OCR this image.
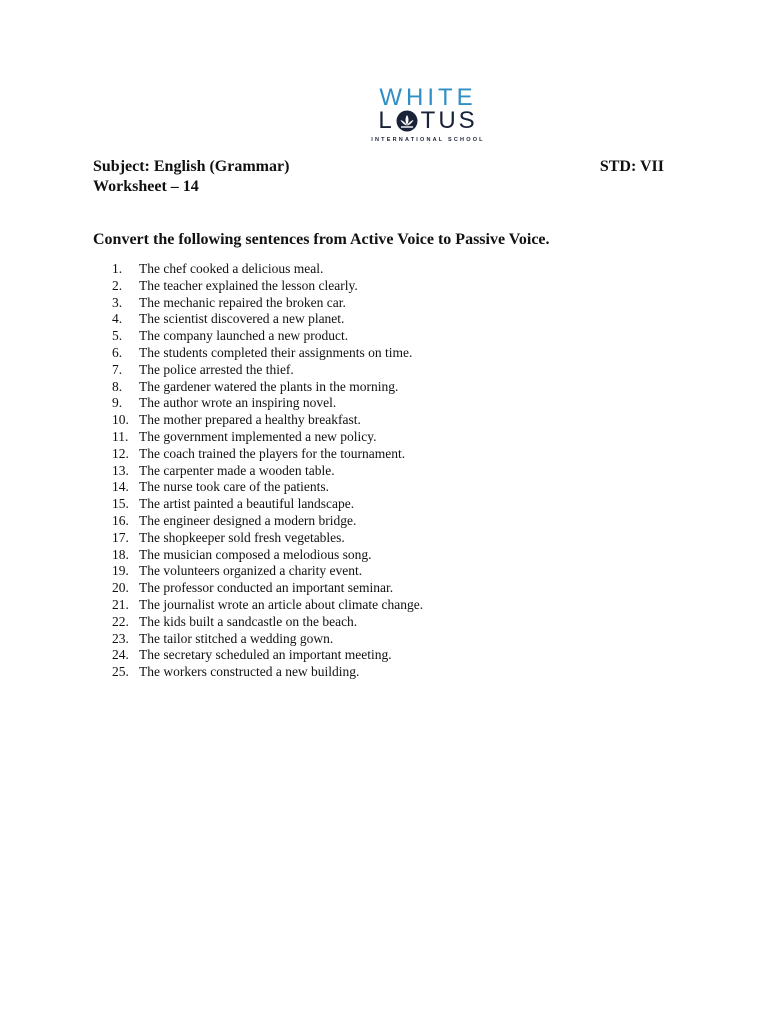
WHITE
L TUS
INTERNATIONAL SCHOOL
Subject: English (Grammar)	STD: VII
Worksheet – 14
Convert the following sentences from Active Voice to Passive Voice.
1.	The chef cooked a delicious meal.
2.	The teacher explained the lesson clearly.
3.	The mechanic repaired the broken car.
4.	The scientist discovered a new planet.
5.	The company launched a new product.
6.	The students completed their assignments on time.
7.	The police arrested the thief.
8.	The gardener watered the plants in the morning.
9.	The author wrote an inspiring novel.
10. The mother prepared a healthy breakfast.
11. The government implemented a new policy.
12. The coach trained the players for the tournament.
13. The carpenter made a wooden table.
14. The nurse took care of the patients.
15. The artist painted a beautiful landscape.
16. The engineer designed a modern bridge.
17. The shopkeeper sold fresh vegetables.
18. The musician composed a melodious song.
19. The volunteers organized a charity event.
20. The professor conducted an important seminar.
21. The journalist wrote an article about climate change.
22. The kids built a sandcastle on the beach.
23. The tailor stitched a wedding gown.
24. The secretary scheduled an important meeting.
25. The workers constructed a new building.
